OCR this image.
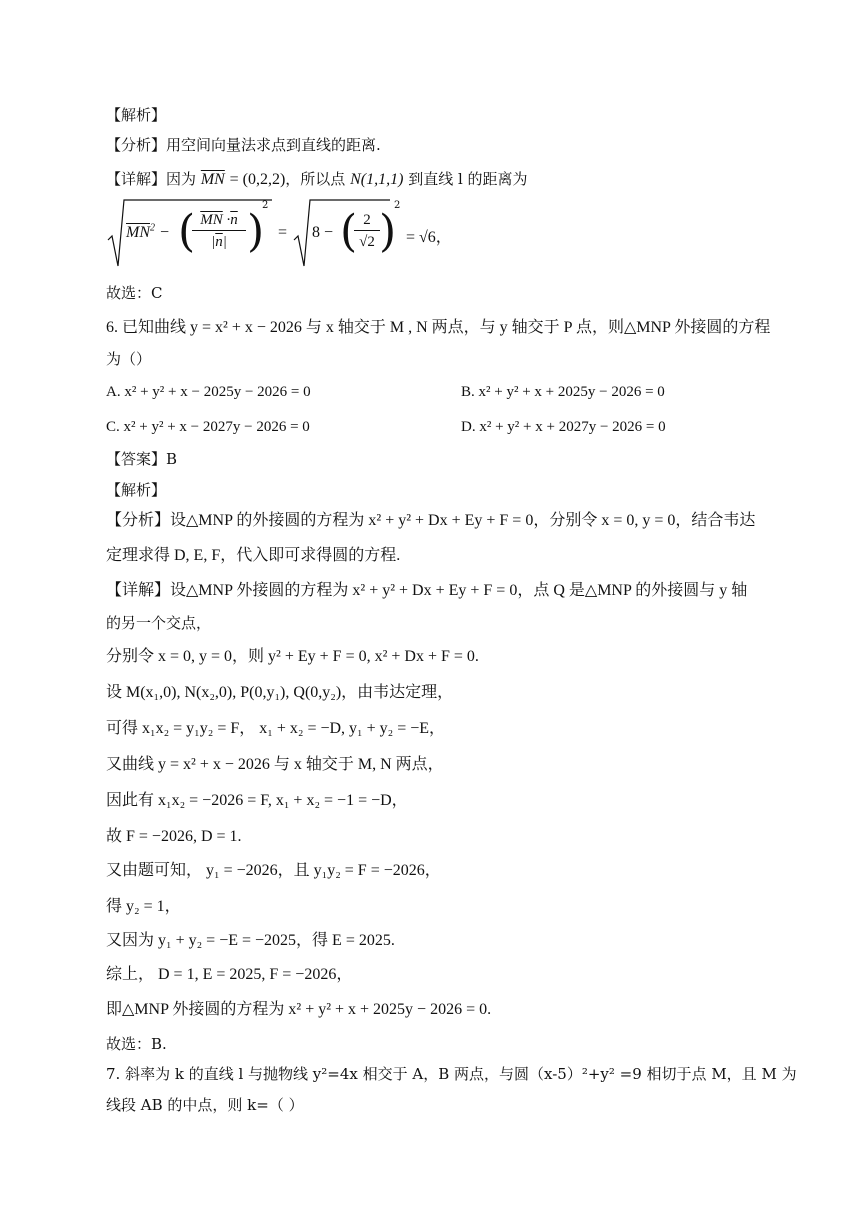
【解析】
【分析】用空间向量法求点到直线的距离.
【详解】因为 $\overline{MN} = (0,2,2)$，所以点 N(1,1,1) 到直线 l 的距离为
$\overline{MN}^2$ − ( $\overline{MN} \cdot\overline{n}$
$|\overline{n}|$ )
2
= 8 − (
$\frac{2}{√2}$ )
2
= √6，
故选：C
6. 已知曲线 y = x² + x − 2026 与 x 轴交于 M , N 两点，与 y 轴交于 P 点，则△MNP 外接圆的方程
为（）
A. x² + y² + x − 2025y − 2026 = 0	B. x² + y² + x + 2025y − 2026 = 0
C. x² + y² + x − 2027y − 2026 = 0	D. x² + y² + x + 2027y − 2026 = 0
【答案】B
【解析】
【分析】设△MNP 的外接圆的方程为 x² + y² + Dx + Ey + F = 0，分别令 x = 0, y = 0，结合韦达
定理求得 D, E, F，代入即可求得圆的方程.
【详解】设△MNP 外接圆的方程为 x² + y² + Dx + Ey + F = 0，点 Q 是△MNP 的外接圆与 y 轴
的另一个交点，
分别令 x = 0, y = 0，则 y² + Ey + F = 0, x² + Dx + F = 0.
设 M(x₁,0), N(x₂,0), P(0,y₁), Q(0,y₂)，由韦达定理，
可得 x₁x₂ = y₁y₂ = F， x₁ + x₂ = −D, y₁ + y₂ = −E，
又曲线 y = x² + x − 2026 与 x 轴交于 M, N 两点，
因此有 x₁x₂ = −2026 = F, x₁ + x₂ = −1 = −D，
故 F = −2026, D = 1.
又由题可知， y₁ = −2026，且 y₁y₂ = F = −2026，
得 y₂ = 1，
又因为 y₁ + y₂ = −E = −2025，得 E = 2025.
综上， D = 1, E = 2025, F = −2026，
即△MNP 外接圆的方程为 x² + y² + x + 2025y − 2026 = 0.
故选：B.
7. 斜率为 k 的直线 l 与抛物线 y²=4x 相交于 A，B 两点，与圆（x-5）²+y² =9 相切于点 M，且 M 为
线段 AB 的中点，则 k=（ ）
